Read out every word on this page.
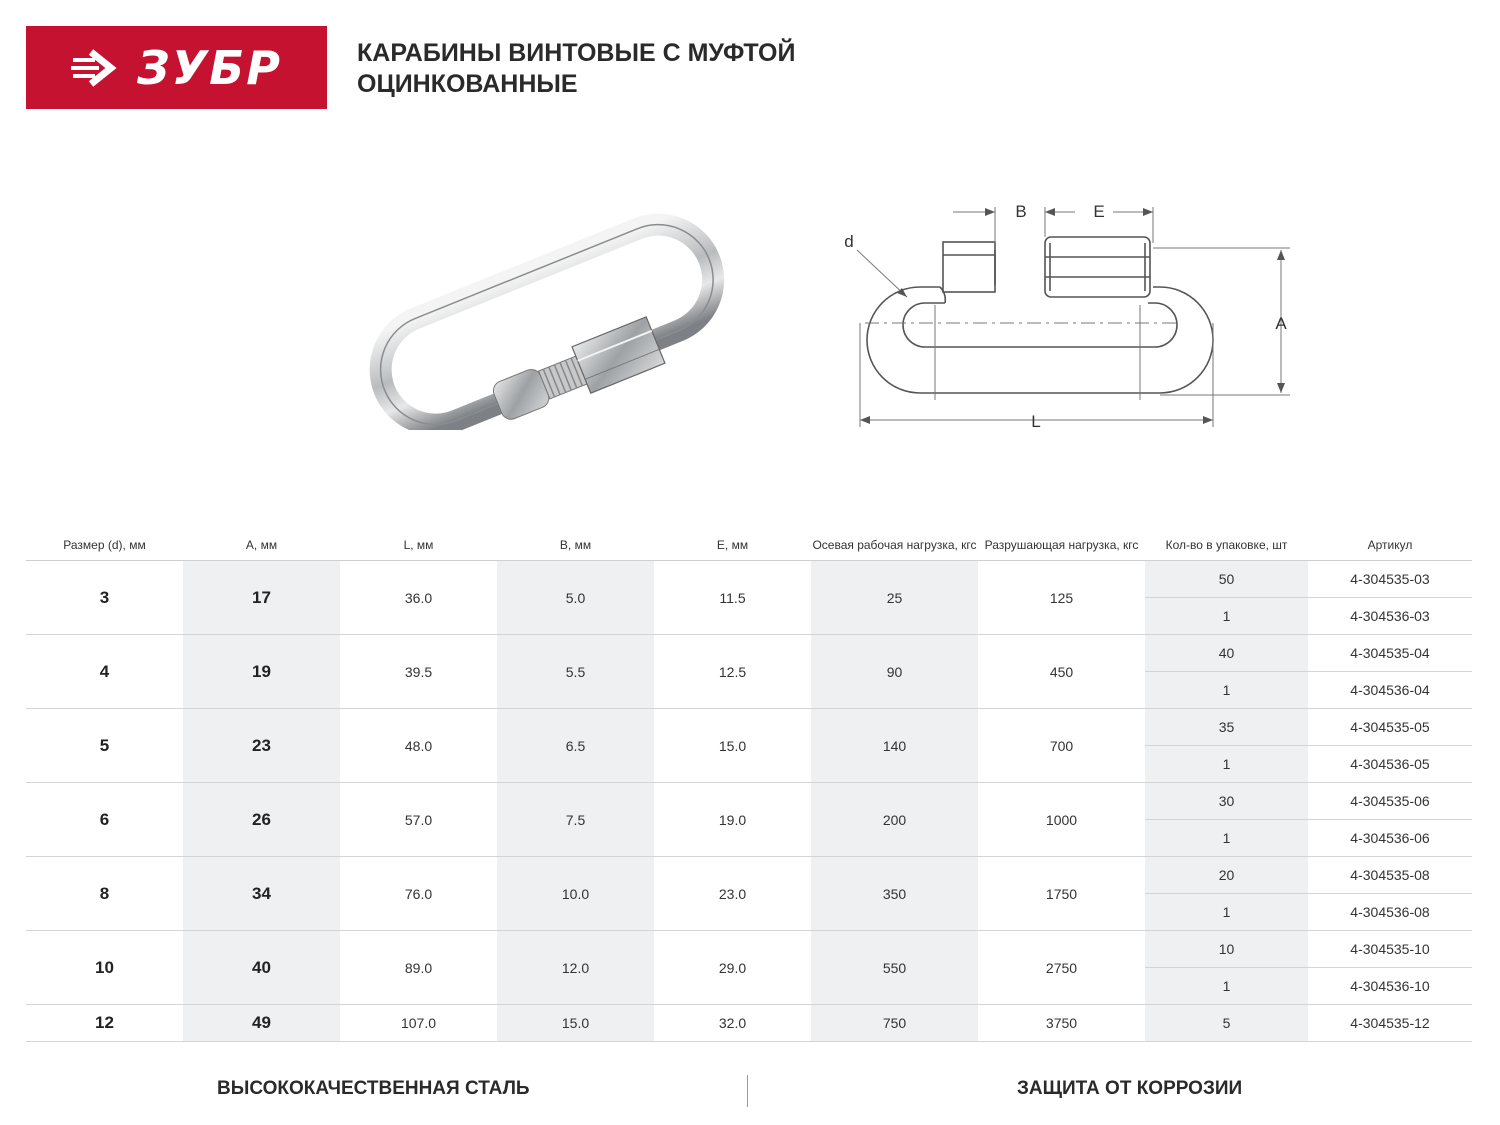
ЗУБР	КАРАБИНЫ ВИНТОВЫЕ С МУФТОЙ
ОЦИНКОВАННЫЕ
B	E
d
A
L
Размер (d), мм	A, мм	L, мм	B, мм	E, мм	Осевая рабочая нагрузка, кгс	Разрушающая нагрузка, кгс	Кол-во в упаковке, шт	Артикул
3	17	36.0	5.0	11.5	25	125	50	4-304535-03
							1	4-304536-03
4	19	39.5	5.5	12.5	90	450	40	4-304535-04
							1	4-304536-04
5	23	48.0	6.5	15.0	140	700	35	4-304535-05
							1	4-304536-05
6	26	57.0	7.5	19.0	200	1000	30	4-304535-06
							1	4-304536-06
8	34	76.0	10.0	23.0	350	1750	20	4-304535-08
							1	4-304536-08
10	40	89.0	12.0	29.0	550	2750	10	4-304535-10
							1	4-304536-10
12	49	107.0	15.0	32.0	750	3750	5	4-304535-12
ВЫСОКОКАЧЕСТВЕННАЯ СТАЛЬ	ЗАЩИТА ОТ КОРРОЗИИ
